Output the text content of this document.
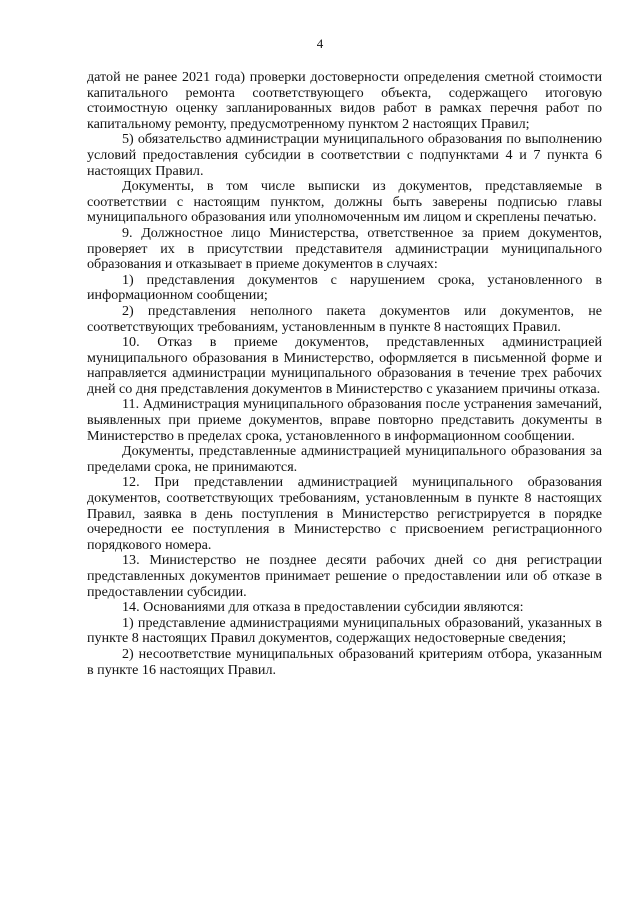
4

датой не ранее 2021 года) проверки достоверности определения сметной стоимости капитального ремонта соответствующего объекта, содержащего итоговую стоимостную оценку запланированных видов работ в рамках перечня работ по капитальному ремонту, предусмотренному пунктом 2 настоящих Правил;

5) обязательство администрации муниципального образования по выполнению условий предоставления субсидии в соответствии с подпунктами 4 и 7 пункта 6 настоящих Правил.

Документы, в том числе выписки из документов, представляемые в соответствии с настоящим пунктом, должны быть заверены подписью главы муниципального образования или уполномоченным им лицом и скреплены печатью.

9. Должностное лицо Министерства, ответственное за прием документов, проверяет их в присутствии представителя администрации муниципального образования и отказывает в приеме документов в случаях:

1) представления документов с нарушением срока, установленного в информационном сообщении;

2) представления неполного пакета документов или документов, не соответствующих требованиям, установленным в пункте 8 настоящих Правил.

10. Отказ в приеме документов, представленных администрацией муниципального образования в Министерство, оформляется в письменной форме и направляется администрации муниципального образования в течение трех рабочих дней со дня представления документов в Министерство с указанием причины отказа.

11. Администрация муниципального образования после устранения замечаний, выявленных при приеме документов, вправе повторно представить документы в Министерство в пределах срока, установленного в информационном сообщении.

Документы, представленные администрацией муниципального образования за пределами срока, не принимаются.

12. При представлении администрацией муниципального образования документов, соответствующих требованиям, установленным в пункте 8 настоящих Правил, заявка в день поступления в Министерство регистрируется в порядке очередности ее поступления в Министерство с присвоением регистрационного порядкового номера.

13. Министерство не позднее десяти рабочих дней со дня регистрации представленных документов принимает решение о предоставлении или об отказе в предоставлении субсидии.

14. Основаниями для отказа в предоставлении субсидии являются:

1) представление администрациями муниципальных образований, указанных в пункте 8 настоящих Правил документов, содержащих недостоверные сведения;

2) несоответствие муниципальных образований критериям отбора, указанным в пункте 16 настоящих Правил.
